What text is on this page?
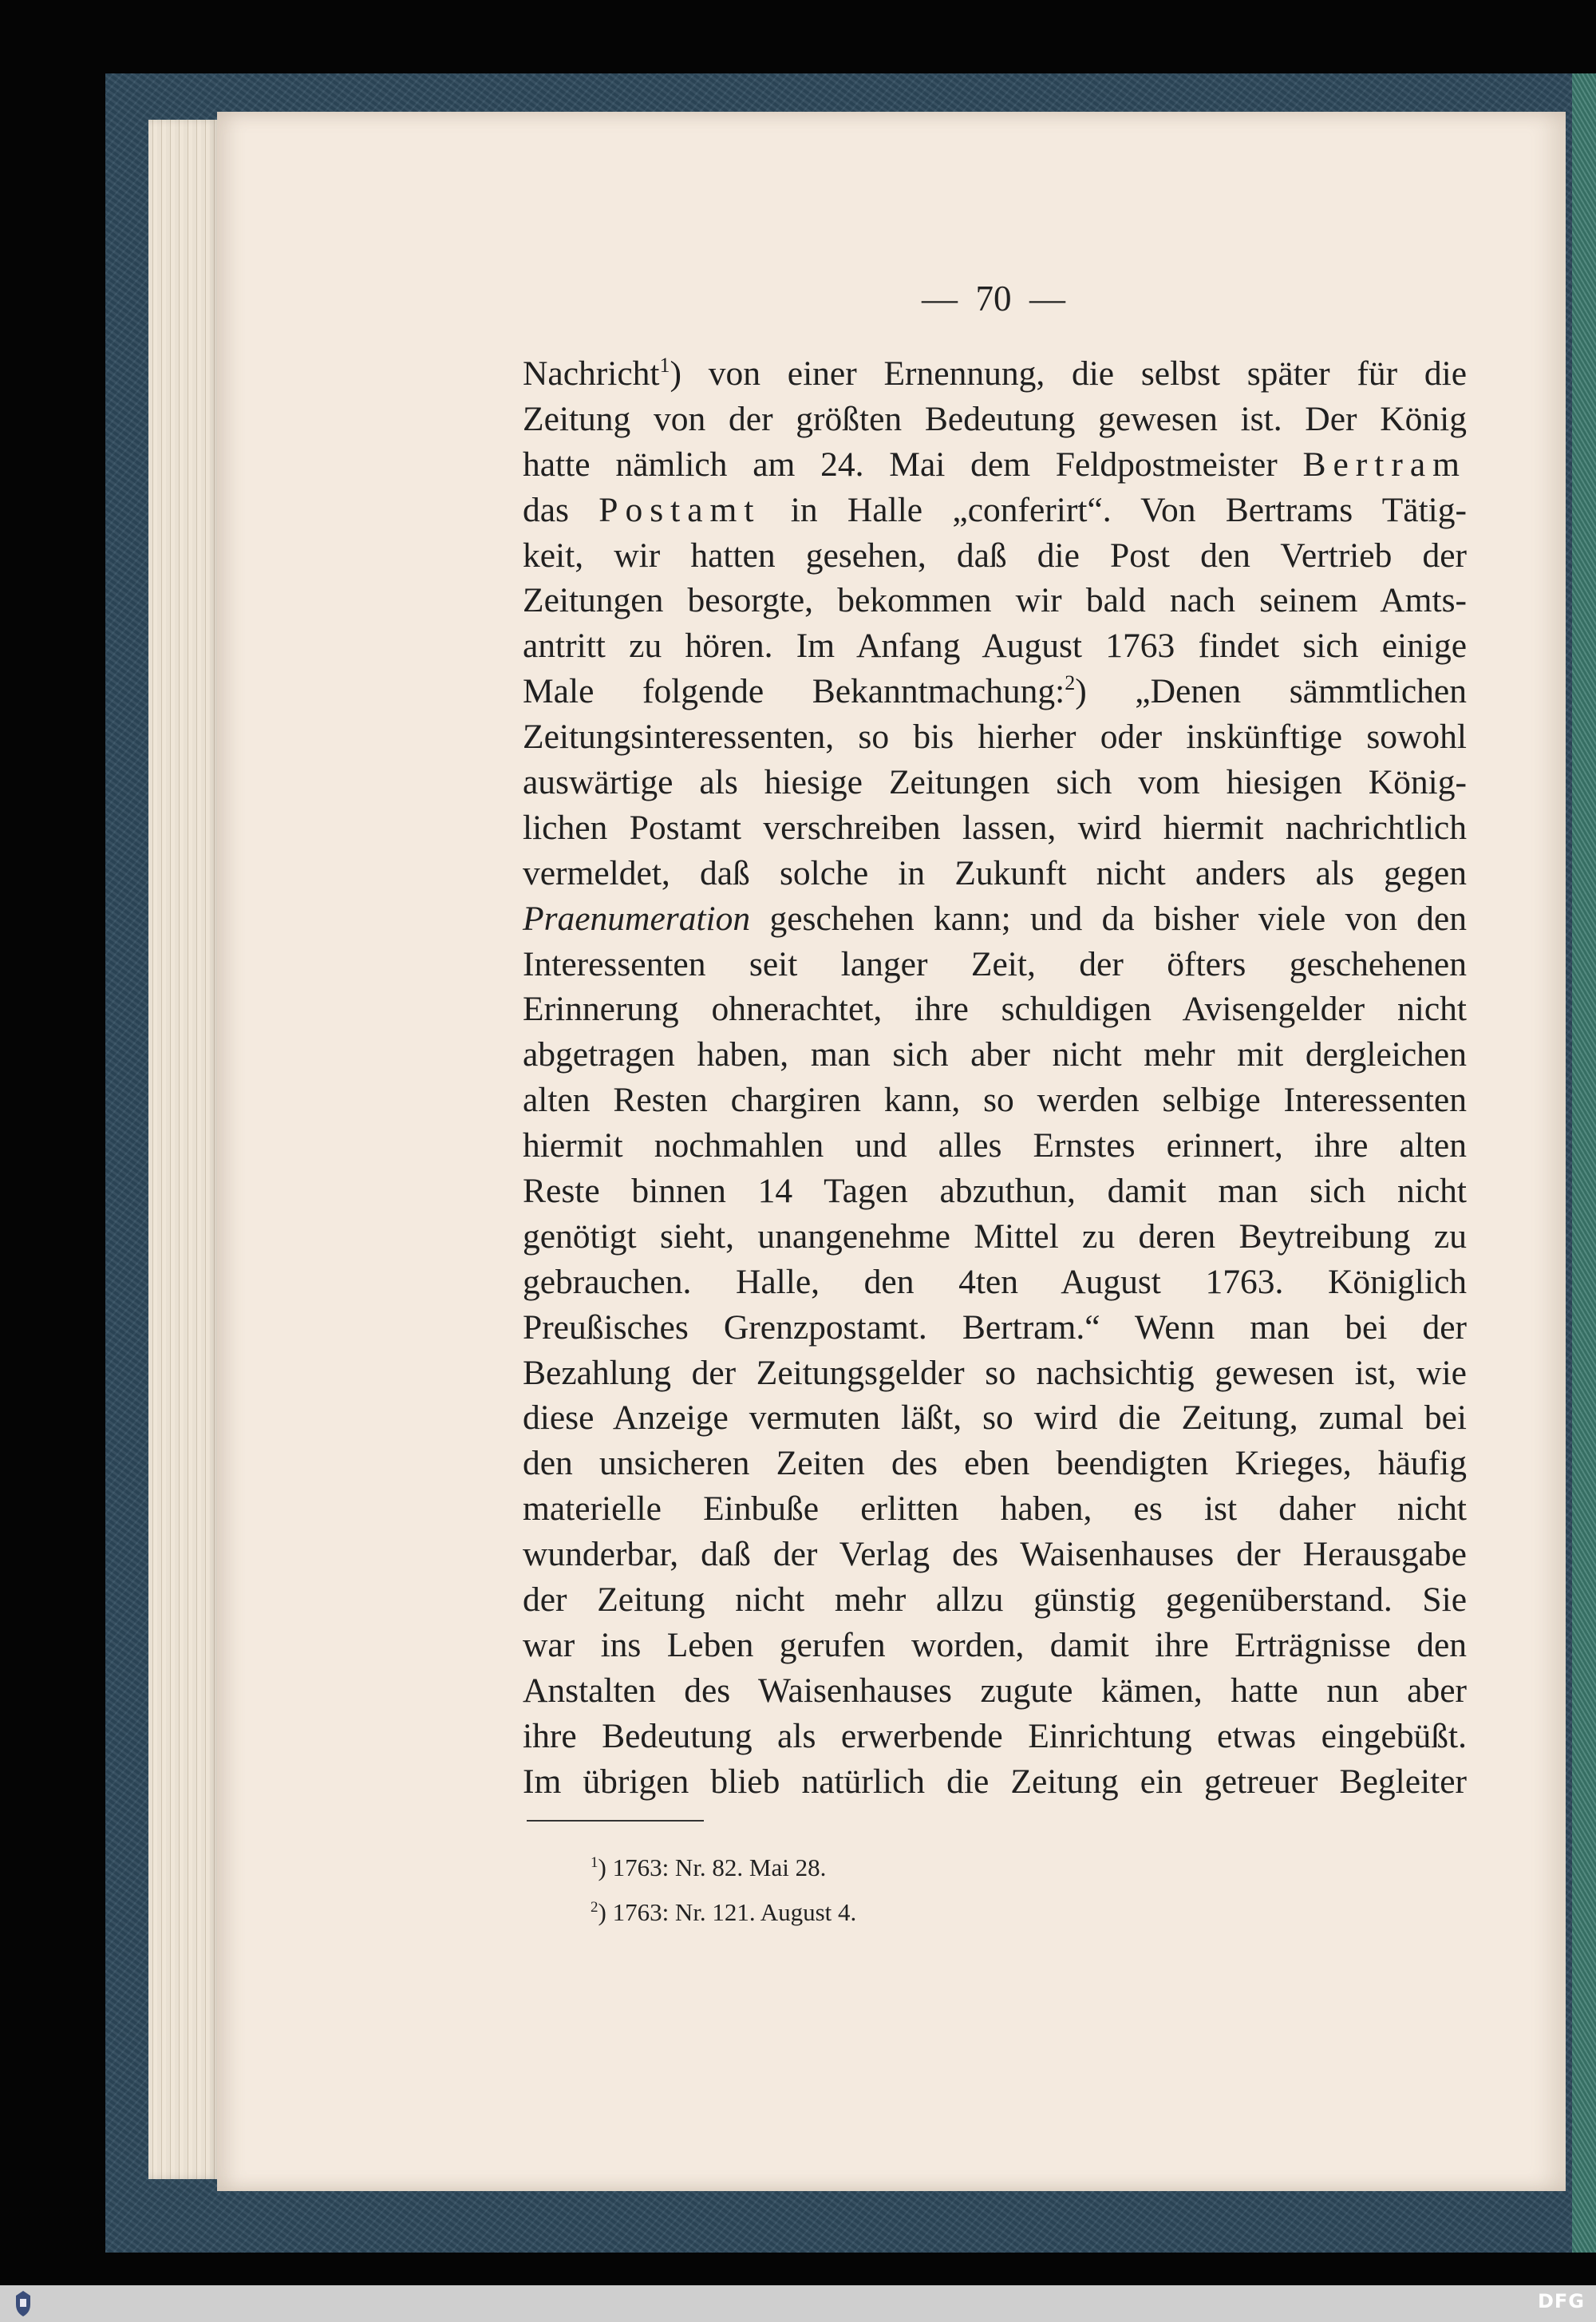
—  70  —
Nachricht$^1$) von einer Ernennung, die selbst später für die
Zeitung von der größten Bedeutung gewesen ist. Der König
hatte nämlich am 24. Mai dem Feldpostmeister Bertram
das Postamt in Halle „conferirt“. Von Bertrams Tätig-
keit, wir hatten gesehen, daß die Post den Vertrieb der
Zeitungen besorgte, bekommen wir bald nach seinem Amts-
antritt zu hören. Im Anfang August 1763 findet sich einige
Male folgende Bekanntmachung:$^2$) „Denen sämmtlichen
Zeitungsinteressenten, so bis hierher oder inskünftige sowohl
auswärtige als hiesige Zeitungen sich vom hiesigen König-
lichen Postamt verschreiben lassen, wird hiermit nachrichtlich
vermeldet, daß solche in Zukunft nicht anders als gegen
Praenumeration geschehen kann; und da bisher viele von den
Interessenten seit langer Zeit, der öfters geschehenen
Erinnerung ohnerachtet, ihre schuldigen Avisengelder nicht
abgetragen haben, man sich aber nicht mehr mit dergleichen
alten Resten chargiren kann, so werden selbige Interessenten
hiermit nochmahlen und alles Ernstes erinnert, ihre alten
Reste binnen 14 Tagen abzuthun, damit man sich nicht
genötigt sieht, unangenehme Mittel zu deren Beytreibung zu
gebrauchen. Halle, den 4ten August 1763. Königlich
Preußisches Grenzpostamt. Bertram.“ Wenn man bei der
Bezahlung der Zeitungsgelder so nachsichtig gewesen ist, wie
diese Anzeige vermuten läßt, so wird die Zeitung, zumal bei
den unsicheren Zeiten des eben beendigten Krieges, häufig
materielle Einbuße erlitten haben, es ist daher nicht
wunderbar, daß der Verlag des Waisenhauses der Herausgabe
der Zeitung nicht mehr allzu günstig gegenüberstand. Sie
war ins Leben gerufen worden, damit ihre Erträgnisse den
Anstalten des Waisenhauses zugute kämen, hatte nun aber
ihre Bedeutung als erwerbende Einrichtung etwas eingebüßt.
Im übrigen blieb natürlich die Zeitung ein getreuer Begleiter
$^1$) 1763: Nr. 82. Mai 28.
$^2$) 1763: Nr. 121. August 4.
DFG
